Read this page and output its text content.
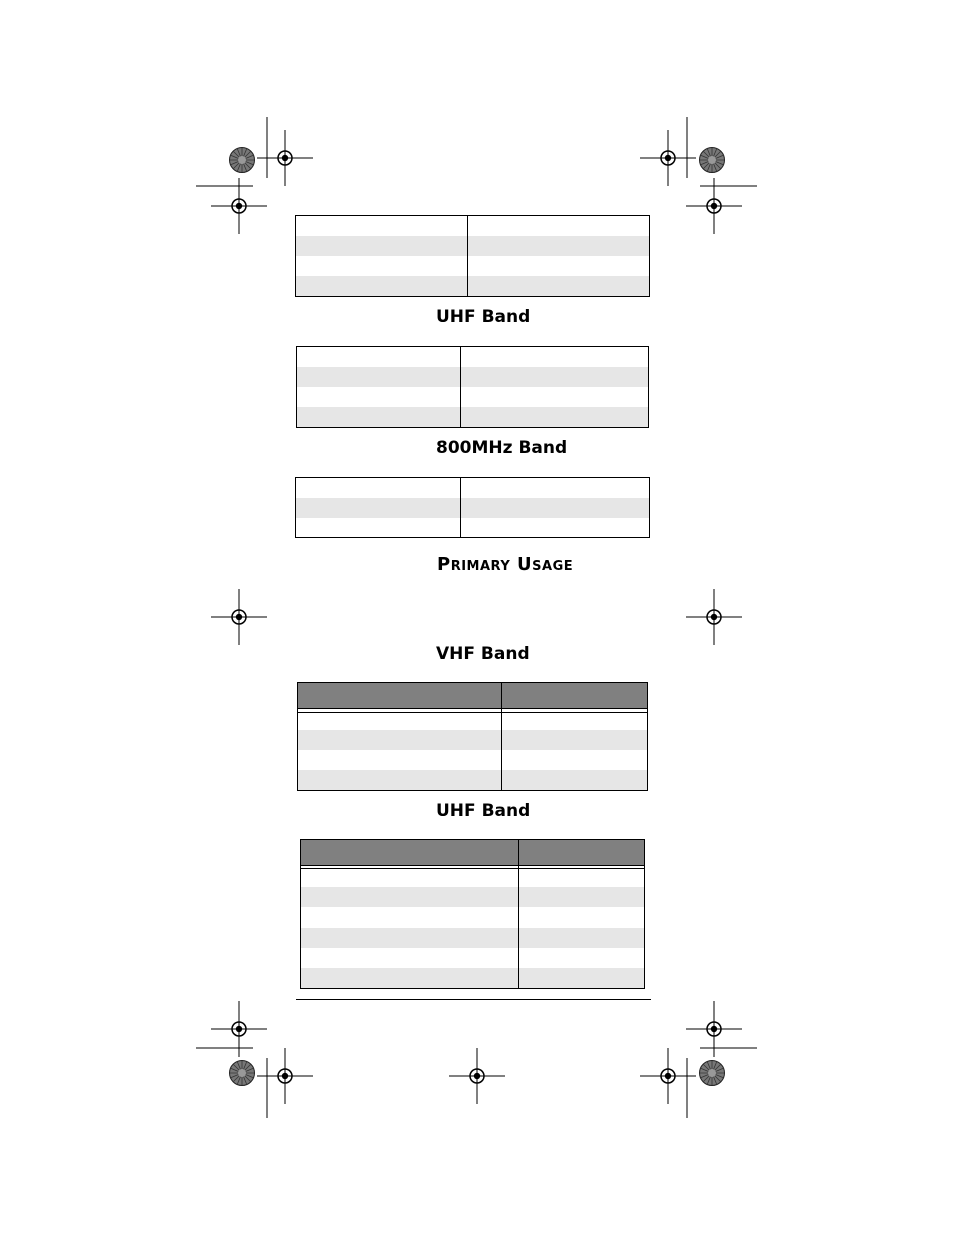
UHF Band
800MHz Band
PRIMARY USAGE
VHF Band
UHF Band
